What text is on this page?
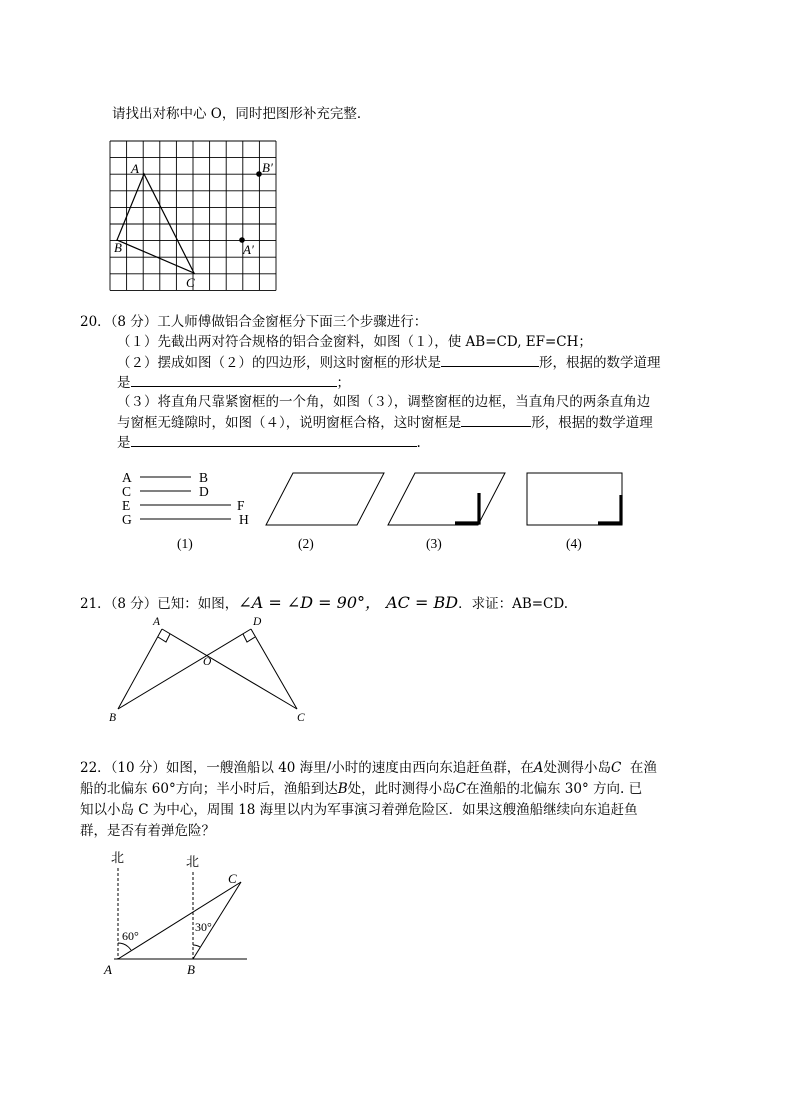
请找出对称中心 O，同时把图形补充完整．
A
B
C
B′
A′
20．（8 分）工人师傅做铝合金窗框分下面三个步骤进行：
（１）先截出两对符合规格的铝合金窗料，如图（１），使 AB=CD, EF=CH；
（２）摆成如图（２）的四边形，则这时窗框的形状是	形，根据的数学道理
是	；
（３）将直角尺靠紧窗框的一个角，如图（３），调整窗框的边框，当直角尺的两条直角边
与窗框无缝隙时，如图（４），说明窗框合格，这时窗框是	形，根据的数学道理
是	.
A	B
C	D
E	F
G	H
(1)	(2)	(3)	(4)
21．（8 分）已知：如图，∠A = ∠D = 90°， AC = BD．求证：AB=CD.
A	D
O
B	C
22．（10 分）如图，一艘渔船以 40 海里/小时的速度由西向东追赶鱼群，在A处测得小岛C 在渔
船的北偏东 60°方向；半小时后，渔船到达B处，此时测得小岛C在渔船的北偏东 30° 方向. 已
知以小岛 C 为中心，周围 18 海里以内为军事演习着弹危险区．如果这艘渔船继续向东追赶鱼
群，是否有着弹危险？
北	北
60°
30°
C
A	B
